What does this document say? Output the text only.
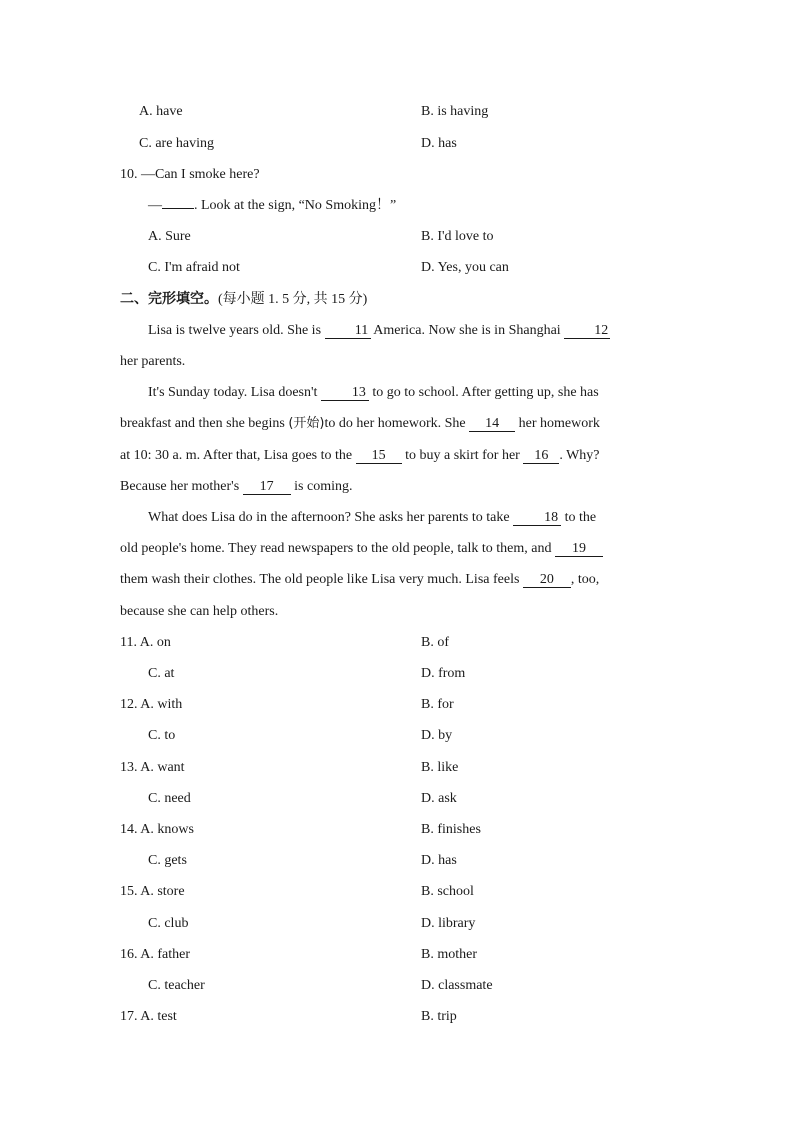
A. have	B. is having
C. are having	D. has
10. —Can I smoke here?
— . Look at the sign, “No Smoking！”
A. Sure	B. I'd love to
C. I'm afraid not	D. Yes, you can
二、完形填空。(每小题 1. 5 分, 共 15 分)
Lisa is twelve years old. She is 11 America. Now she is in Shanghai 12
her parents.
It's Sunday today. Lisa doesn't 13 to go to school. After getting up, she has
breakfast and then she begins (开始)to do her homework. She 14 her homework
at 10: 30 a. m. After that, Lisa goes to the 15 to buy a skirt for her 16 . Why?
Because her mother's 17 is coming.
What does Lisa do in the afternoon? She asks her parents to take 18 to the
old people's home. They read newspapers to the old people, talk to them, and 19
them wash their clothes. The old people like Lisa very much. Lisa feels 20 , too,
because she can help others.
11. A. on	B. of
C. at	D. from
12. A. with	B. for
C. to	D. by
13. A. want	B. like
C. need	D. ask
14. A. knows	B. finishes
C. gets	D. has
15. A. store	B. school
C. club	D. library
16. A. father	B. mother
C. teacher	D. classmate
17. A. test	B. trip
